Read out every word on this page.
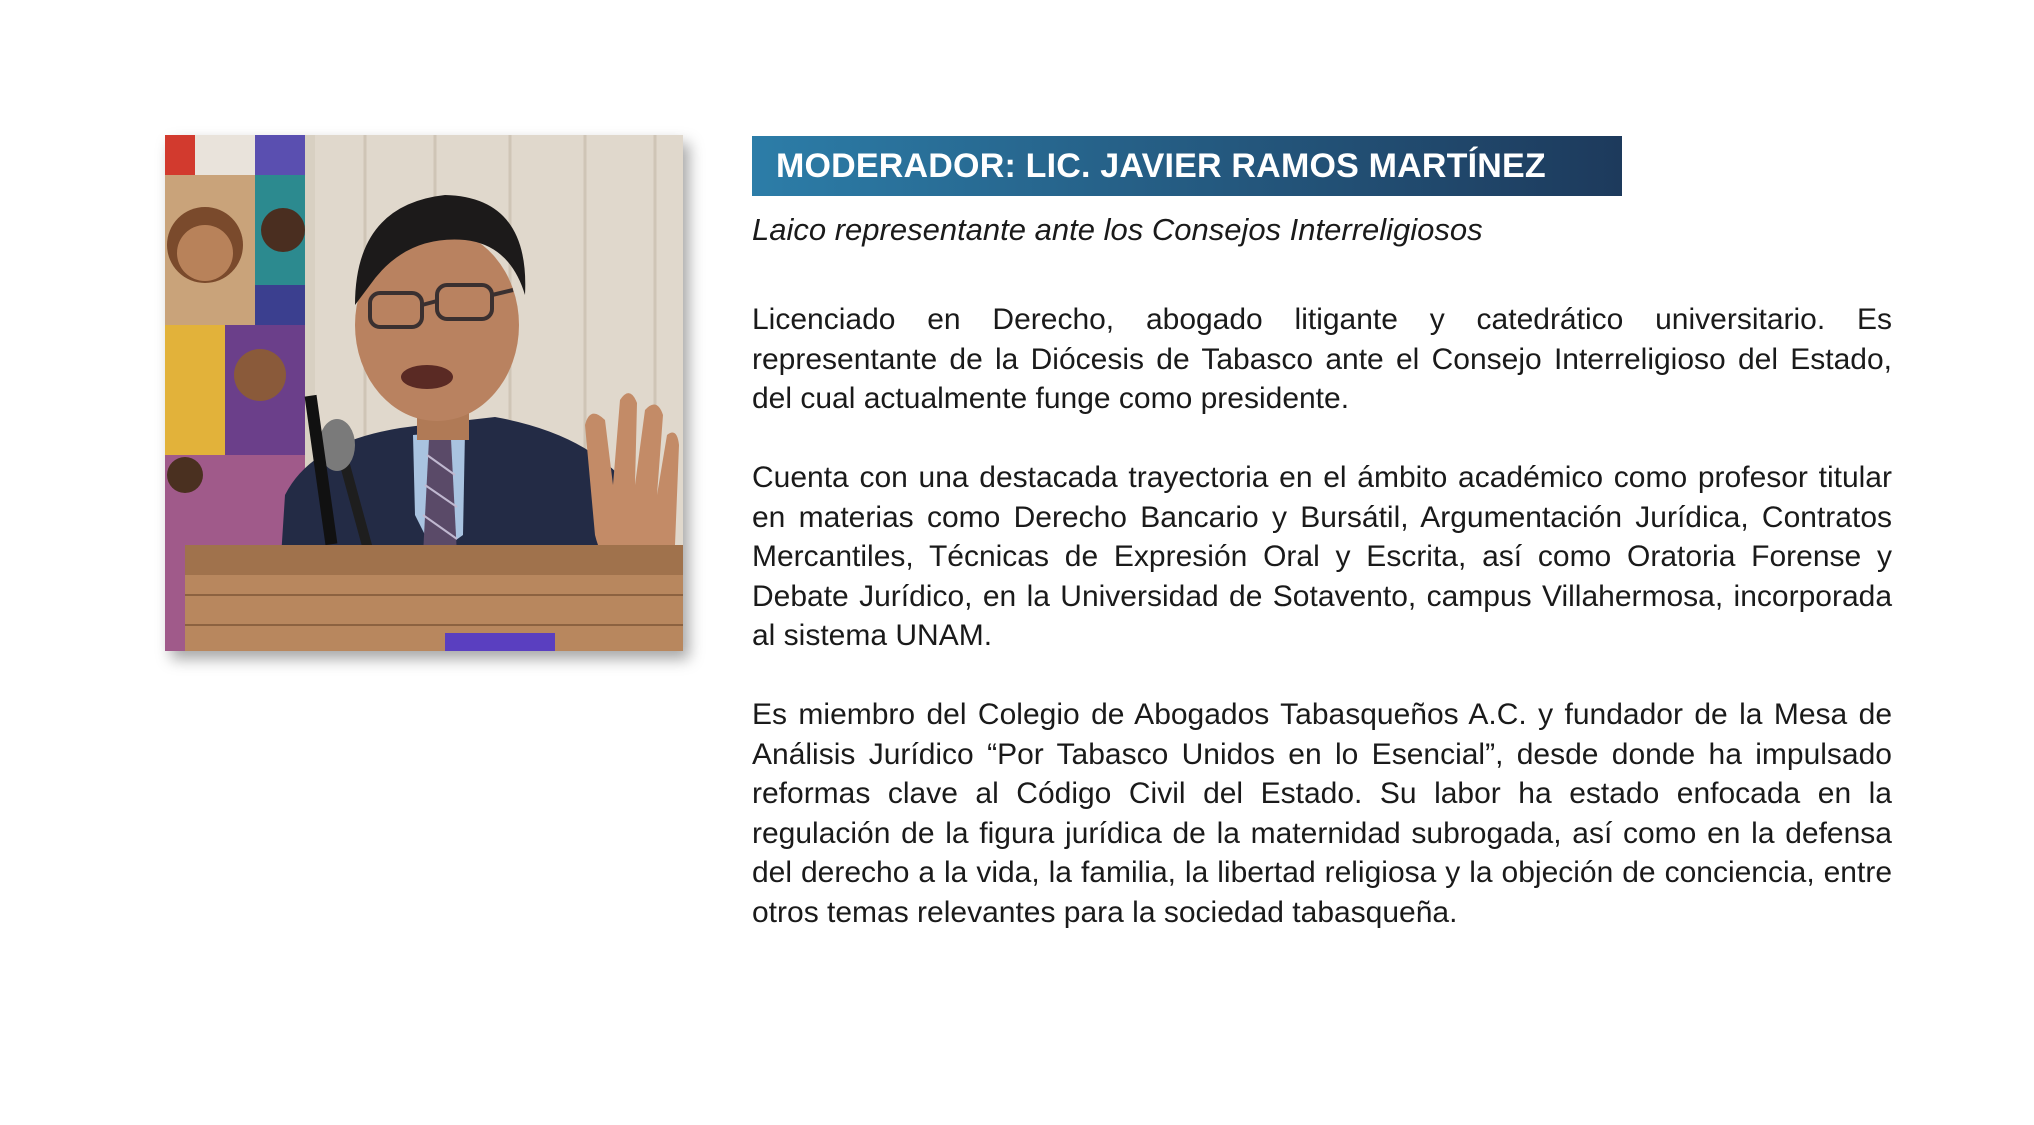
MODERADOR: LIC. JAVIER RAMOS MARTÍNEZ
Laico representante ante los Consejos Interreligiosos

Licenciado en Derecho, abogado litigante y catedrático universitario. Es representante de la Diócesis de Tabasco ante el Consejo Interreligioso del Estado, del cual actualmente funge como presidente.

Cuenta con una destacada trayectoria en el ámbito académico como profesor titular en materias como Derecho Bancario y Bursátil, Argumentación Jurídica, Contratos Mercantiles, Técnicas de Expresión Oral y Escrita, así como Oratoria Forense y Debate Jurídico, en la Universidad de Sotavento, campus Villahermosa, incorporada al sistema UNAM.

Es miembro del Colegio de Abogados Tabasqueños A.C. y fundador de la Mesa de Análisis Jurídico “Por Tabasco Unidos en lo Esencial”, desde donde ha impulsado reformas clave al Código Civil del Estado. Su labor ha estado enfocada en la regulación de la figura jurídica de la maternidad subrogada, así como en la defensa del derecho a la vida, la familia, la libertad religiosa y la objeción de conciencia, entre otros temas relevantes para la sociedad tabasqueña.
